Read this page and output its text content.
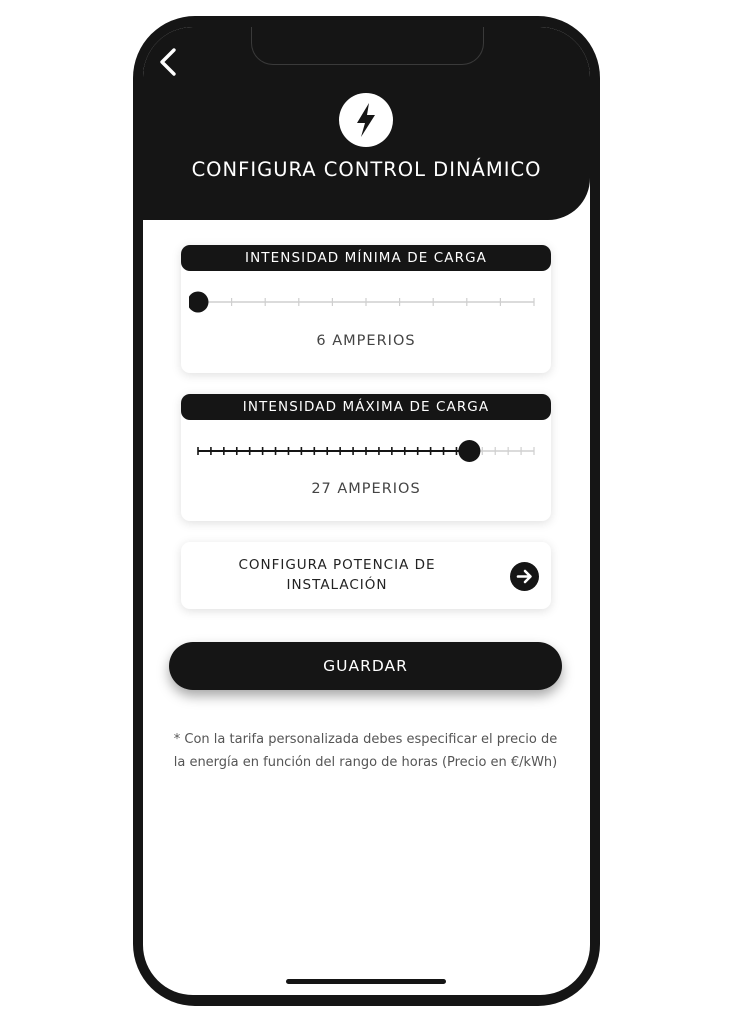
CONFIGURA CONTROL DINÁMICO
INTENSIDAD MÍNIMA DE CARGA
6 AMPERIOS
INTENSIDAD MÁXIMA DE CARGA
27 AMPERIOS
CONFIGURA POTENCIA DE INSTALACIÓN
GUARDAR
* Con la tarifa personalizada debes especificar el precio de la energía en función del rango de horas (Precio en €/kWh)
